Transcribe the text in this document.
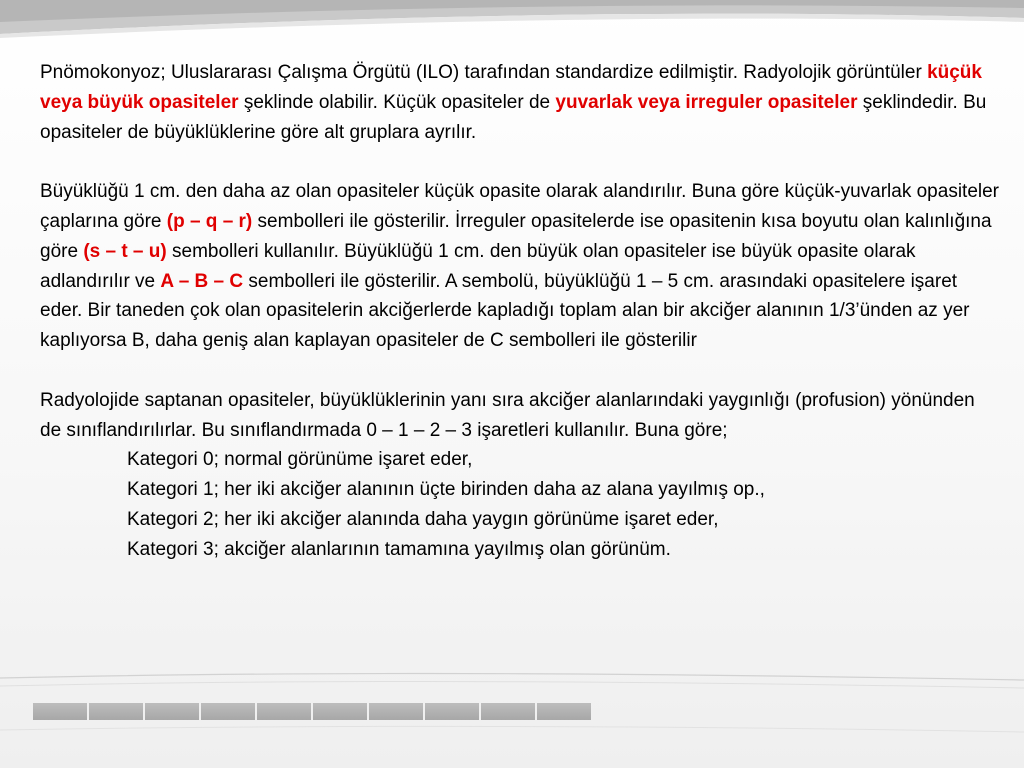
Pnömokonyoz; Uluslararası Çalışma Örgütü (ILO) tarafından standardize edilmiştir. Radyolojik görüntüler küçük veya büyük opasiteler şeklinde olabilir. Küçük opasiteler de yuvarlak veya irreguler opasiteler şeklindedir. Bu opasiteler de büyüklüklerine göre alt gruplara ayrılır.

Büyüklüğü 1 cm. den daha az olan opasiteler küçük opasite olarak alandırılır. Buna göre küçük-yuvarlak opasiteler çaplarına göre (p – q – r) sembolleri ile gösterilir. İrreguler opasitelerde ise opasitenin kısa boyutu olan kalınlığına göre (s – t – u) sembolleri kullanılır. Büyüklüğü 1 cm. den büyük olan opasiteler ise büyük opasite olarak adlandırılır ve A – B – C sembolleri ile gösterilir. A sembolü, büyüklüğü 1 – 5 cm. arasındaki opasitelere işaret eder. Bir taneden çok olan opasitelerin akciğerlerde kapladığı toplam alan bir akciğer alanının 1/3’ünden az yer kaplıyorsa B, daha geniş alan kaplayan opasiteler de C sembolleri ile gösterilir

Radyolojide saptanan opasiteler, büyüklüklerinin yanı sıra akciğer alanlarındaki yaygınlığı (profusion) yönünden de sınıflandırılırlar. Bu sınıflandırmada 0 – 1 – 2 – 3 işaretleri kullanılır. Buna göre;

Kategori 0; normal görünüme işaret eder,

Kategori 1; her iki akciğer alanının üçte birinden daha az alana yayılmış op.,

Kategori 2; her iki akciğer alanında daha yaygın görünüme işaret eder,

Kategori 3; akciğer alanlarının tamamına yayılmış olan görünüm.
